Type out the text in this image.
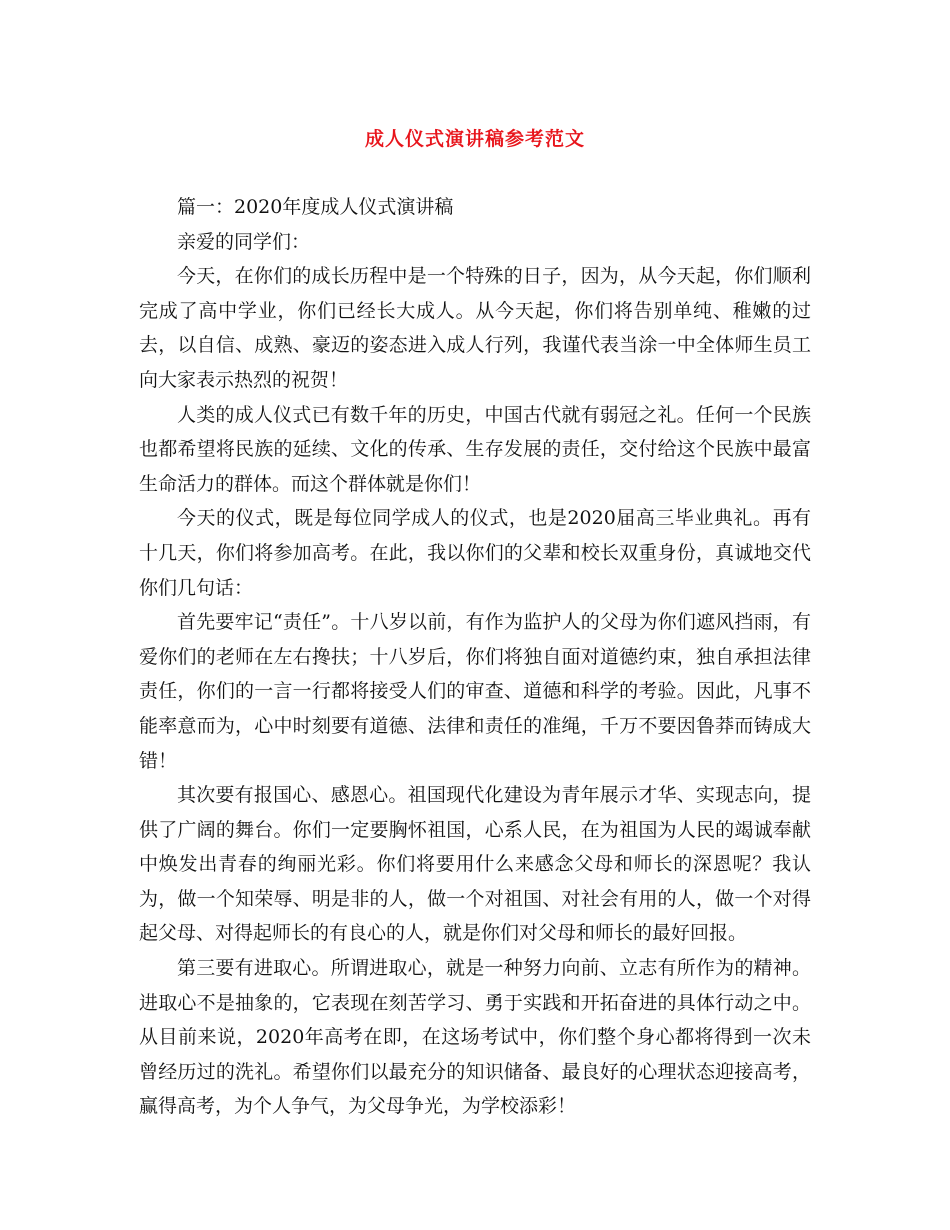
成人仪式演讲稿参考范文

篇一：2020年度成人仪式演讲稿

亲爱的同学们：

今天，在你们的成长历程中是一个特殊的日子，因为，从今天起，你们顺利完成了高中学业，你们已经长大成人。从今天起，你们将告别单纯、稚嫩的过去，以自信、成熟、豪迈的姿态进入成人行列，我谨代表当涂一中全体师生员工向大家表示热烈的祝贺！

人类的成人仪式已有数千年的历史，中国古代就有弱冠之礼。任何一个民族也都希望将民族的延续、文化的传承、生存发展的责任，交付给这个民族中最富生命活力的群体。而这个群体就是你们！

今天的仪式，既是每位同学成人的仪式，也是2020届高三毕业典礼。再有十几天，你们将参加高考。在此，我以你们的父辈和校长双重身份，真诚地交代你们几句话：

首先要牢记“责任”。十八岁以前，有作为监护人的父母为你们遮风挡雨，有爱你们的老师在左右搀扶；十八岁后，你们将独自面对道德约束，独自承担法律责任，你们的一言一行都将接受人们的审查、道德和科学的考验。因此，凡事不能率意而为，心中时刻要有道德、法律和责任的准绳，千万不要因鲁莽而铸成大错！

其次要有报国心、感恩心。祖国现代化建设为青年展示才华、实现志向，提供了广阔的舞台。你们一定要胸怀祖国，心系人民，在为祖国为人民的竭诚奉献中焕发出青春的绚丽光彩。你们将要用什么来感念父母和师长的深恩呢？我认为，做一个知荣辱、明是非的人，做一个对祖国、对社会有用的人，做一个对得起父母、对得起师长的有良心的人，就是你们对父母和师长的最好回报。

第三要有进取心。所谓进取心，就是一种努力向前、立志有所作为的精神。进取心不是抽象的，它表现在刻苦学习、勇于实践和开拓奋进的具体行动之中。从目前来说，2020年高考在即，在这场考试中，你们整个身心都将得到一次未曾经历过的洗礼。希望你们以最充分的知识储备、最良好的心理状态迎接高考，赢得高考，为个人争气，为父母争光，为学校添彩！
